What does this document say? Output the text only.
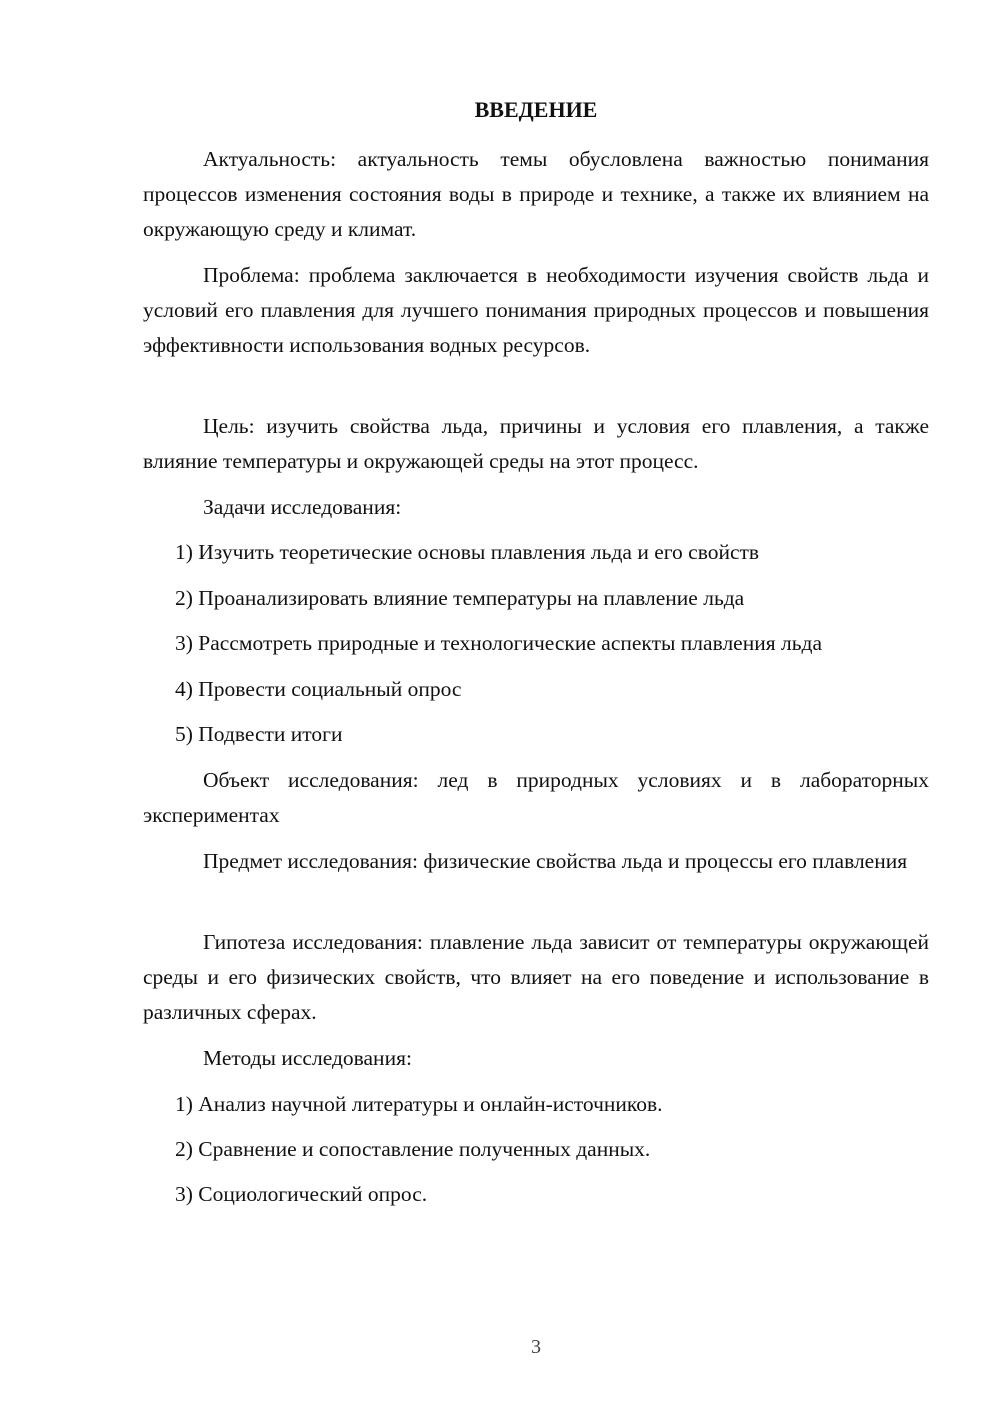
ВВЕДЕНИЕ

Актуальность: актуальность темы обусловлена важностью понимания процессов изменения состояния воды в природе и технике, а также их влиянием на окружающую среду и климат.

Проблема: проблема заключается в необходимости изучения свойств льда и условий его плавления для лучшего понимания природных процессов и повышения эффективности использования водных ресурсов.

Цель: изучить свойства льда, причины и условия его плавления, а также влияние температуры и окружающей среды на этот процесс.

Задачи исследования:

1) Изучить теоретические основы плавления льда и его свойств

2) Проанализировать влияние температуры на плавление льда

3) Рассмотреть природные и технологические аспекты плавления льда

4) Провести социальный опрос

5) Подвести итоги

Объект исследования: лед в природных условиях и в лабораторных экспериментах

Предмет исследования: физические свойства льда и процессы его плавления

Гипотеза исследования: плавление льда зависит от температуры окружающей среды и его физических свойств, что влияет на его поведение и использование в различных сферах.

Методы исследования:

1) Анализ научной литературы и онлайн-источников.

2) Сравнение и сопоставление полученных данных.

3) Социологический опрос.

3
